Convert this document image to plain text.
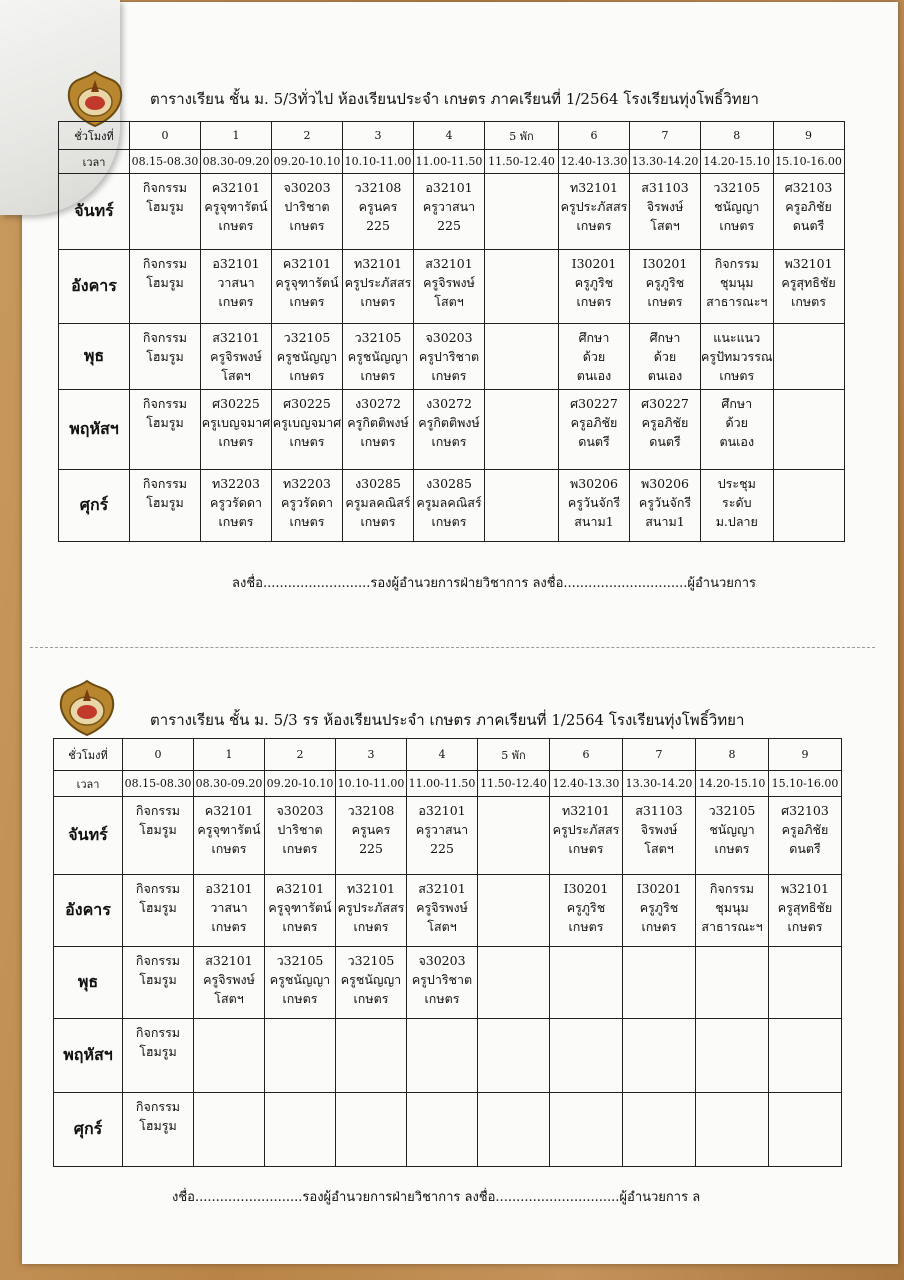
ตารางเรียน ชั้น ม. 5/3ทั่วไป ห้องเรียนประจำ เกษตร ภาคเรียนที่ 1/2564 โรงเรียนทุ่งโพธิ์วิทยา
ชั่วโมงที่	0	1	2	3	4	5 พัก	6	7	8	9
เวลา	08.15-08.30	08.30-09.20	09.20-10.10	10.10-11.00	11.00-11.50	11.50-12.40	12.40-13.30	13.30-14.20	14.20-15.10	15.10-16.00
จันทร์	กิจกรรม
โฮมรูม	ค32101
ครูจุฑารัตน์
เกษตร	จ30203
ปาริชาต
เกษตร	ว32108
ครูนคร
225	อ32101
ครูวาสนา
225		ท32101
ครูประภัสสร
เกษตร	ส31103
จิรพงษ์
โสตฯ	ว32105
ชนัญญา
เกษตร	ศ32103
ครูอภิชัย
ดนตรี

อังคาร	กิจกรรม
โฮมรูม	อ32101
วาสนา
เกษตร	ค32101
ครูจุฑารัตน์
เกษตร	ท32101
ครูประภัสสร
เกษตร	ส32101
ครูจิรพงษ์
โสตฯ		I30201
ครูภูริช
เกษตร	I30201
ครูภูริช
เกษตร	กิจกรรม
ชุมนุม
สาธารณะฯ	พ32101
ครูสุทธิชัย
เกษตร

พุธ	กิจกรรม
โฮมรูม	ส32101
ครูจิรพงษ์
โสตฯ	ว32105
ครูชนัญญา
เกษตร	ว32105
ครูชนัญญา
เกษตร	จ30203
ครูปาริชาต
เกษตร		ศึกษา
ด้วย
ตนเอง	ศึกษา
ด้วย
ตนเอง	แนะแนว
ครูปัทมวรรณ
เกษตร	

พฤหัสฯ	กิจกรรม
โฮมรูม	ศ30225
ครูเบญจมาศ
เกษตร	ศ30225
ครูเบญจมาศ
เกษตร	ง30272
ครูกิตติพงษ์
เกษตร	ง30272
ครูกิตติพงษ์
เกษตร		ศ30227
ครูอภิชัย
ดนตรี	ศ30227
ครูอภิชัย
ดนตรี	ศึกษา
ด้วย
ตนเอง	

ศุกร์	กิจกรรม
โฮมรูม	ท32203
ครูวรัดดา
เกษตร	ท32203
ครูวรัดดา
เกษตร	ง30285
ครูมลคณิสร์
เกษตร	ง30285
ครูมลคณิสร์
เกษตร		พ30206
ครูวันจักรี
สนาม1	พ30206
ครูวันจักรี
สนาม1	ประชุม
ระดับ
ม.ปลาย	

ลงชื่อ..........................รองผู้อำนวยการฝ่ายวิชาการ ลงชื่อ..............................ผู้อำนวยการ
ตารางเรียน ชั้น ม. 5/3 รร ห้องเรียนประจำ เกษตร ภาคเรียนที่ 1/2564 โรงเรียนทุ่งโพธิ์วิทยา
ชั่วโมงที่	0	1	2	3	4	5 พัก	6	7	8	9
เวลา	08.15-08.30	08.30-09.20	09.20-10.10	10.10-11.00	11.00-11.50	11.50-12.40	12.40-13.30	13.30-14.20	14.20-15.10	15.10-16.00
จันทร์	กิจกรรม
โฮมรูม	ค32101
ครูจุฑารัตน์
เกษตร	จ30203
ปาริชาต
เกษตร	ว32108
ครูนคร
225	อ32101
ครูวาสนา
225		ท32101
ครูประภัสสร
เกษตร	ส31103
จิรพงษ์
โสตฯ	ว32105
ชนัญญา
เกษตร	ศ32103
ครูอภิชัย
ดนตรี

อังคาร	กิจกรรม
โฮมรูม	อ32101
วาสนา
เกษตร	ค32101
ครูจุฑารัตน์
เกษตร	ท32101
ครูประภัสสร
เกษตร	ส32101
ครูจิรพงษ์
โสตฯ		I30201
ครูภูริช
เกษตร	I30201
ครูภูริช
เกษตร	กิจกรรม
ชุมนุม
สาธารณะฯ	พ32101
ครูสุทธิชัย
เกษตร

พุธ	กิจกรรม
โฮมรูม	ส32101
ครูจิรพงษ์
โสตฯ	ว32105
ครูชนัญญา
เกษตร	ว32105
ครูชนัญญา
เกษตร	จ30203
ครูปาริชาต
เกษตร					

พฤหัสฯ	กิจกรรม
โฮมรูม									

ศุกร์	กิจกรรม
โฮมรูม									

งชื่อ..........................รองผู้อำนวยการฝ่ายวิชาการ ลงชื่อ..............................ผู้อำนวยการ ล
